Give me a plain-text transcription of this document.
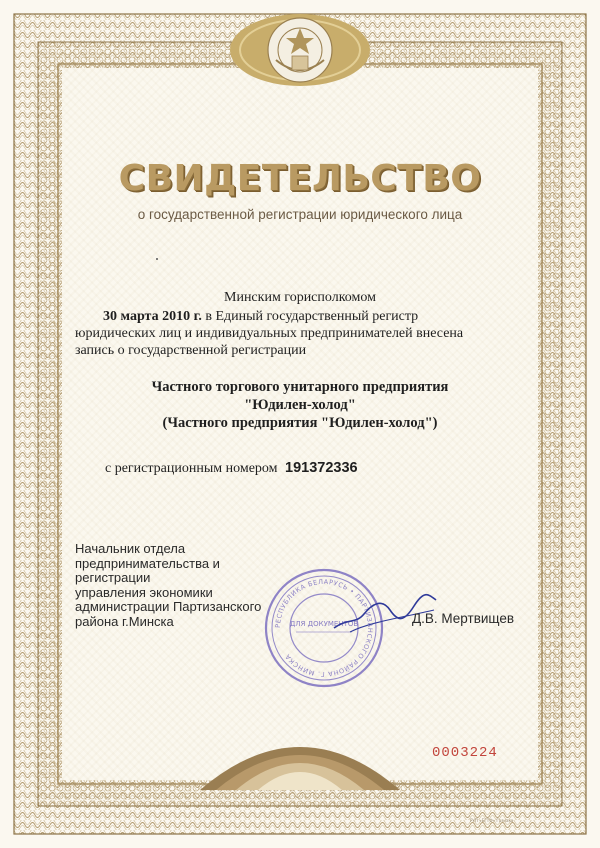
СВИДЕТЕЛЬСТВО
о государственной регистрации юридического лица
Минским горисполкомом
30 марта 2010 г. в Единый государственный регистр
юридических лиц и индивидуальных предпринимателей внесена
запись о государственной регистрации
Частного торгового унитарного предприятия
"Юдилен-холод"
(Частного предприятия "Юдилен-холод")
с регистрационным номером 191372336
Начальник отдела
предпринимательства и
регистрации
управления экономики
администрации Партизанского
района г.Минска	РЕСПУБЛИКА БЕЛАРУСЬ • ПАРТИЗАНСКОГО РАЙОНА Г. МИНСКА
ДЛЯ ДОКУМЕНТОВ	Д.В. Мертвищев
0003224
РУП «БГТФ» Гознака
